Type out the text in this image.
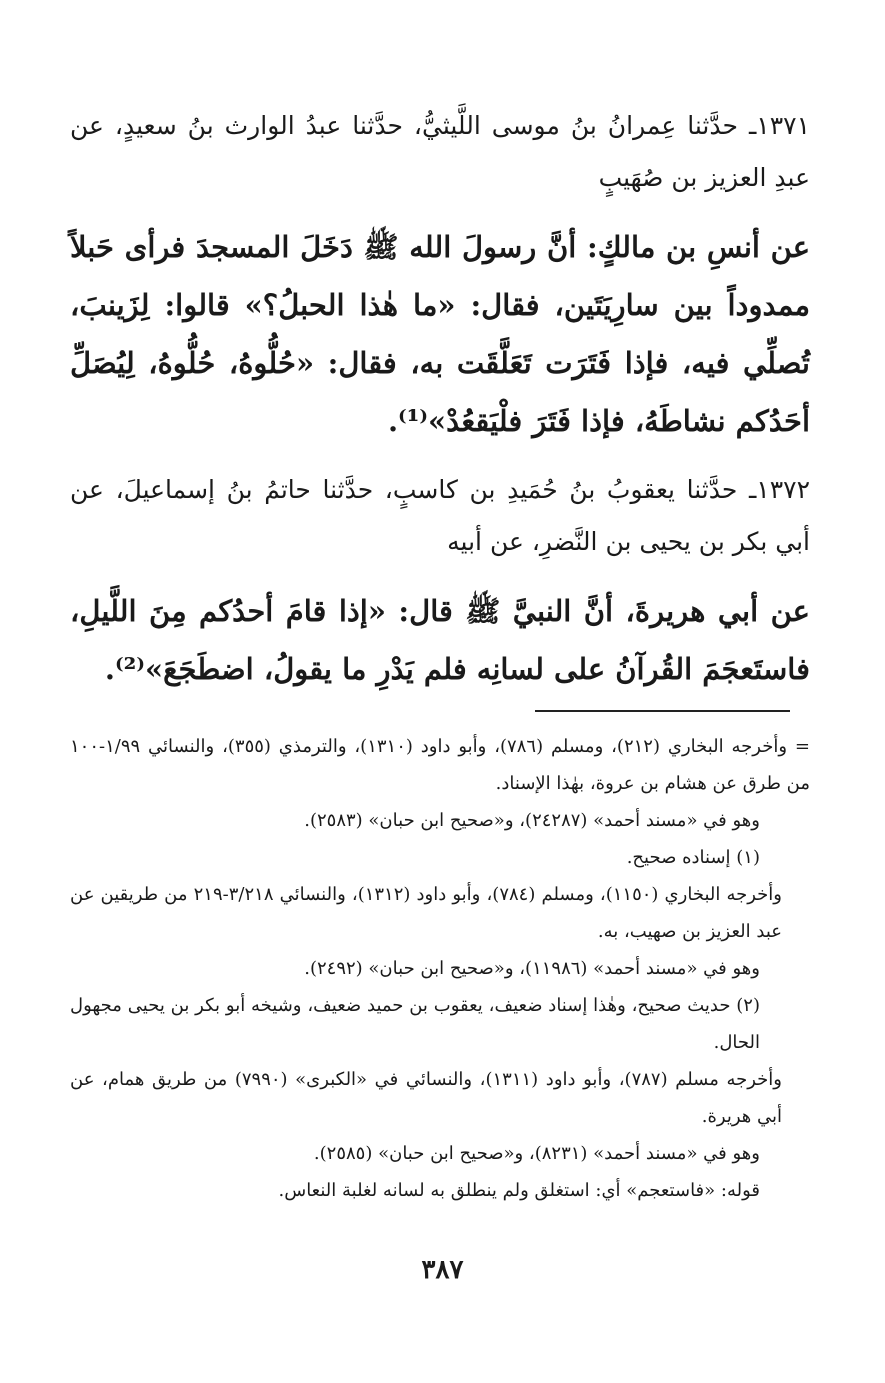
١٣٧١ـ حدَّثنا عِمرانُ بنُ موسى اللَّيثيُّ، حدَّثنا عبدُ الوارث بنُ سعيدٍ، عن عبدِ العزيز بن صُهَيبٍ

عن أنسِ بن مالكٍ: أنَّ رسولَ الله ﷺ دَخَلَ المسجدَ فرأى حَبلاً ممدوداً بين سارِيَتَين، فقال: «ما هٰذا الحبلُ؟» قالوا: لِزَينبَ، تُصلِّي فيه، فإذا فَتَرَت تَعَلَّقَت به، فقال: «حُلُّوهُ، حُلُّوهُ، لِيُصَلِّ أحَدُكم نشاطَهُ، فإذا فَتَرَ فلْيَقعُدْ»⁽¹⁾.

١٣٧٢ـ حدَّثنا يعقوبُ بنُ حُمَيدِ بن كاسبٍ، حدَّثنا حاتمُ بنُ إسماعيلَ، عن أبي بكر بن يحيى بن النَّضرِ، عن أبيه

عن أبي هريرةَ، أنَّ النبيَّ ﷺ قال: «إذا قامَ أحدُكم مِنَ اللَّيلِ، فاستَعجَمَ القُرآنُ على لسانِه فلم يَدْرِ ما يقولُ، اضطَجَعَ»⁽²⁾.

= وأخرجه البخاري (٢١٢)، ومسلم (٧٨٦)، وأبو داود (١٣١٠)، والترمذي (٣٥٥)، والنسائي ١/٩٩-١٠٠ من طرق عن هشام بن عروة، بهٰذا الإسناد.

وهو في «مسند أحمد» (٢٤٢٨٧)، و«صحيح ابن حبان» (٢٥٨٣).

(١) إسناده صحيح.

وأخرجه البخاري (١١٥٠)، ومسلم (٧٨٤)، وأبو داود (١٣١٢)، والنسائي ٣/٢١٨-٢١٩ من طريقين عن عبد العزيز بن صهيب، به.

وهو في «مسند أحمد» (١١٩٨٦)، و«صحيح ابن حبان» (٢٤٩٢).

(٢) حديث صحيح، وهٰذا إسناد ضعيف، يعقوب بن حميد ضعيف، وشيخه أبو بكر بن يحيى مجهول الحال.

وأخرجه مسلم (٧٨٧)، وأبو داود (١٣١١)، والنسائي في «الكبرى» (٧٩٩٠) من طريق همام، عن أبي هريرة.

وهو في «مسند أحمد» (٨٢٣١)، و«صحيح ابن حبان» (٢٥٨٥).

قوله: «فاستعجم» أي: استغلق ولم ينطلق به لسانه لغلبة النعاس.

٣٨٧
